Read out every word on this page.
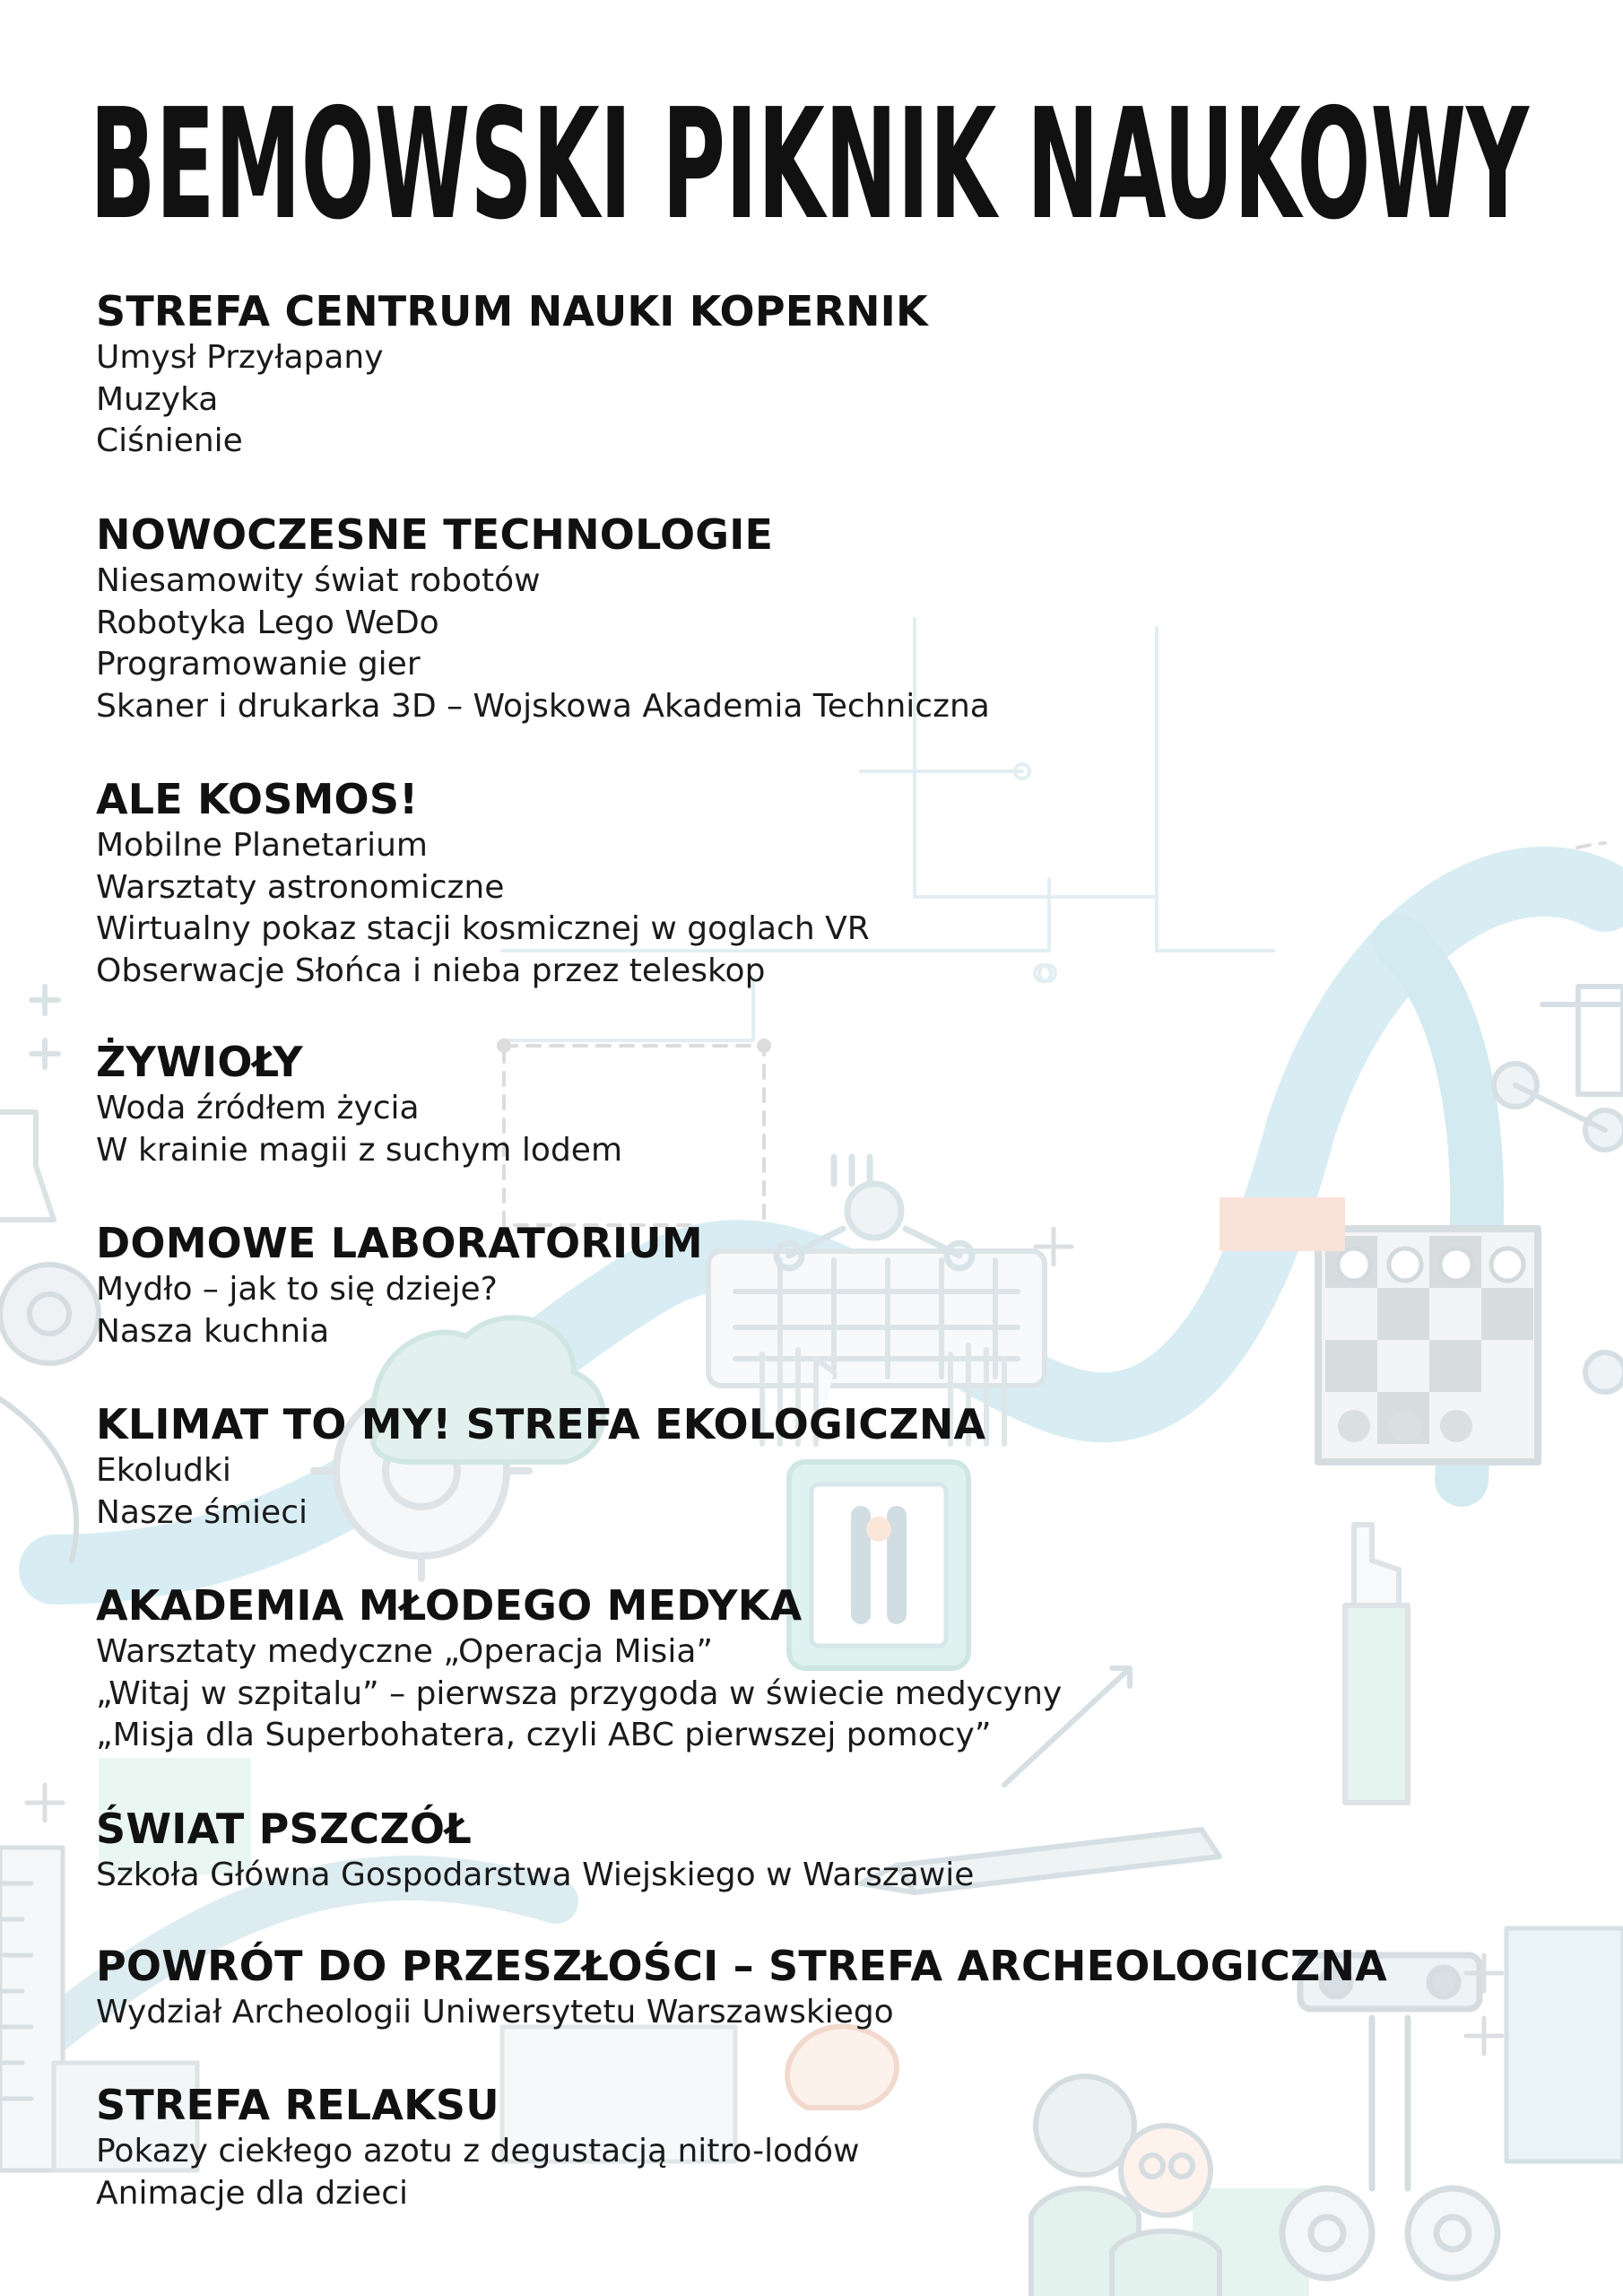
BEMOWSKI PIKNIK NAUKOWY
STREFA CENTRUM NAUKI KOPERNIK
Umysł Przyłapany
Muzyka
Ciśnienie
NOWOCZESNE TECHNOLOGIE
Niesamowity świat robotów
Robotyka Lego WeDo
Programowanie gier
Skaner i drukarka 3D – Wojskowa Akademia Techniczna
ALE KOSMOS!
Mobilne Planetarium
Warsztaty astronomiczne
Wirtualny pokaz stacji kosmicznej w goglach VR
Obserwacje Słońca i nieba przez teleskop
ŻYWIOŁY
Woda źródłem życia
W krainie magii z suchym lodem
DOMOWE LABORATORIUM
Mydło – jak to się dzieje?
Nasza kuchnia
KLIMAT TO MY! STREFA EKOLOGICZNA
Ekoludki
Nasze śmieci
AKADEMIA MŁODEGO MEDYKA
Warsztaty medyczne „Operacja Misia”
„Witaj w szpitalu” – pierwsza przygoda w świecie medycyny
„Misja dla Superbohatera, czyli ABC pierwszej pomocy”
ŚWIAT PSZCZÓŁ
Szkoła Główna Gospodarstwa Wiejskiego w Warszawie
POWRÓT DO PRZESZŁOŚCI – STREFA ARCHEOLOGICZNA
Wydział Archeologii Uniwersytetu Warszawskiego
STREFA RELAKSU
Pokazy ciekłego azotu z degustacją nitro-lodów
Animacje dla dzieci
